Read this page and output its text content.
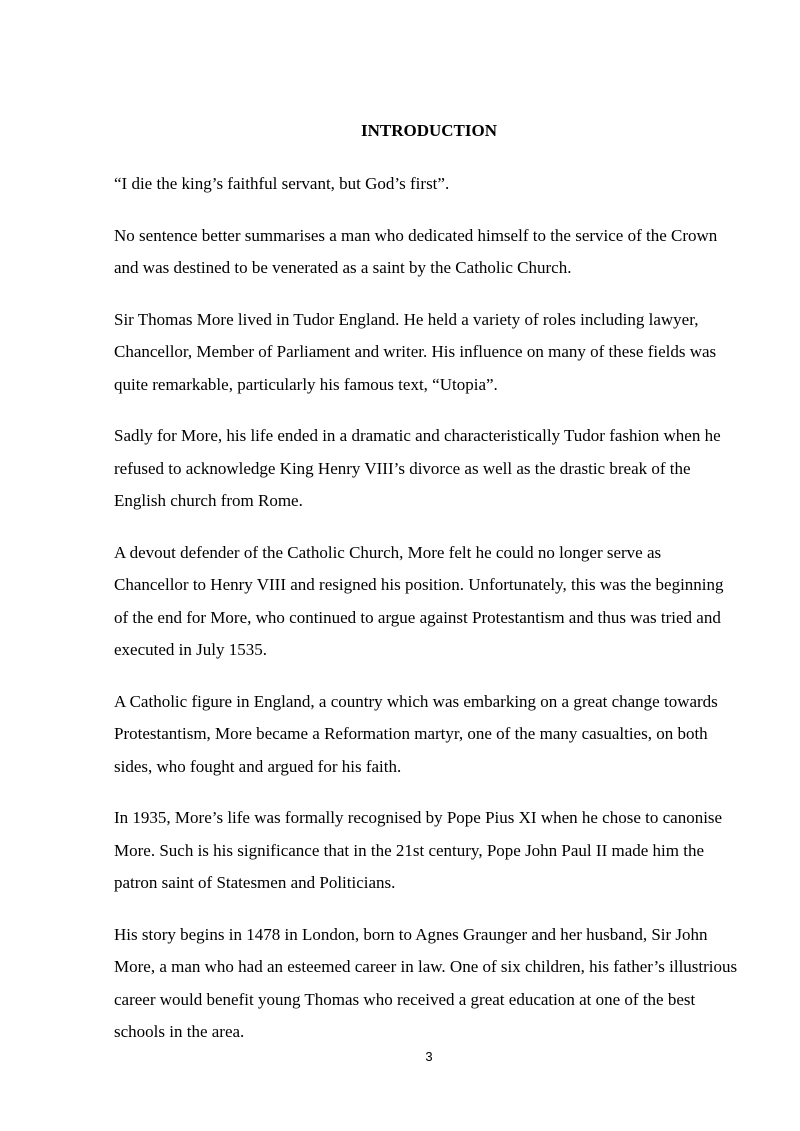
INTRODUCTION

“I die the king’s faithful servant, but God’s first”.

No sentence better summarises a man who dedicated himself to the service of the Crown and was destined to be venerated as a saint by the Catholic Church.

Sir Thomas More lived in Tudor England. He held a variety of roles including lawyer, Chancellor, Member of Parliament and writer. His influence on many of these fields was quite remarkable, particularly his famous text, “Utopia”.

Sadly for More, his life ended in a dramatic and characteristically Tudor fashion when he refused to acknowledge King Henry VIII’s divorce as well as the drastic break of the English church from Rome.

A devout defender of the Catholic Church, More felt he could no longer serve as Chancellor to Henry VIII and resigned his position. Unfortunately, this was the beginning of the end for More, who continued to argue against Protestantism and thus was tried and executed in July 1535.

A Catholic figure in England, a country which was embarking on a great change towards Protestantism, More became a Reformation martyr, one of the many casualties, on both sides, who fought and argued for his faith.

In 1935, More’s life was formally recognised by Pope Pius XI when he chose to canonise More. Such is his significance that in the 21st century, Pope John Paul II made him the patron saint of Statesmen and Politicians.

His story begins in 1478 in London, born to Agnes Graunger and her husband, Sir John More, a man who had an esteemed career in law. One of six children, his father’s illustrious career would benefit young Thomas who received a great education at one of the best schools in the area.

3
